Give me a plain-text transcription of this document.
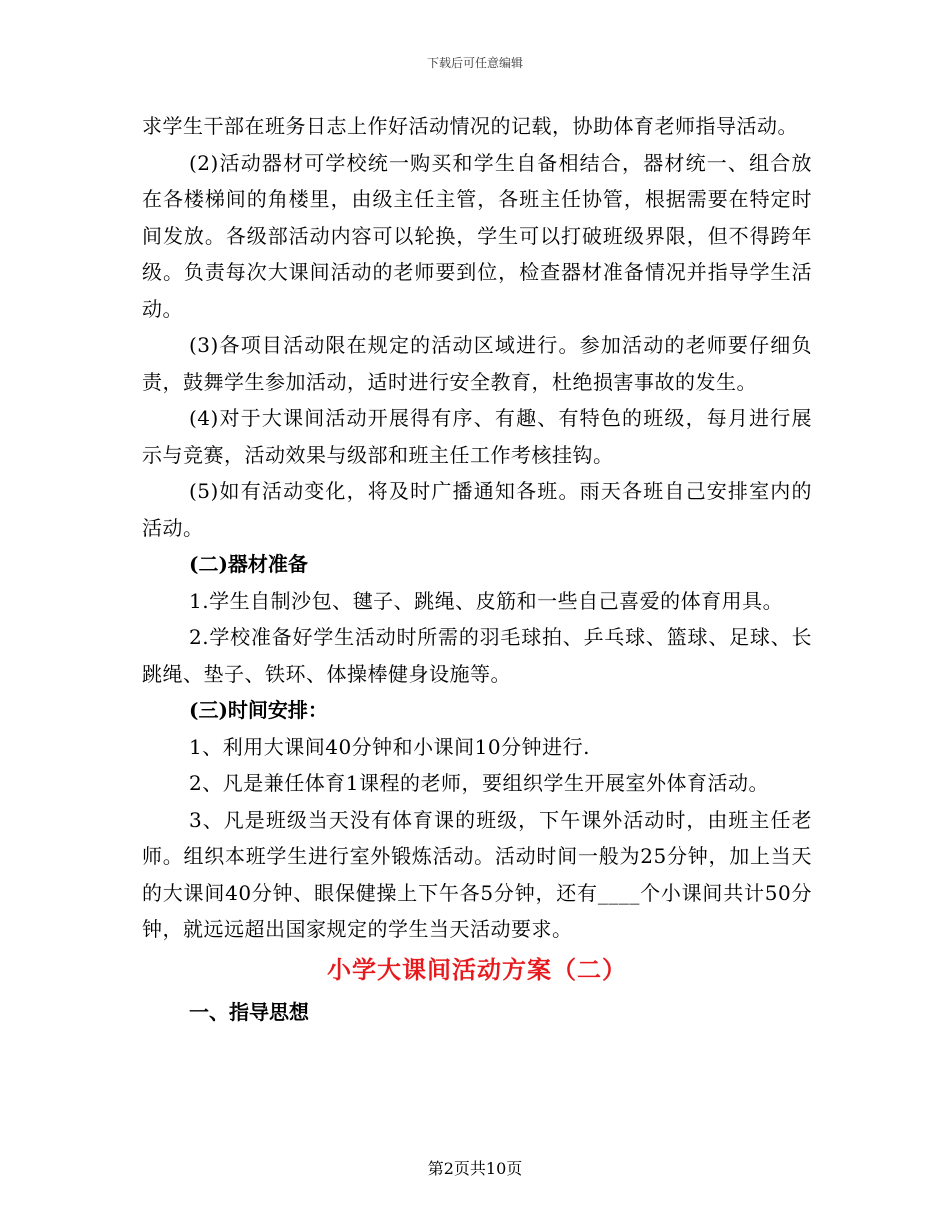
下载后可任意编辑

求学生干部在班务日志上作好活动情况的记载，协助体育老师指导活动。

(2)活动器材可学校统一购买和学生自备相结合，器材统一、组合放在各楼梯间的角楼里，由级主任主管，各班主任协管，根据需要在特定时间发放。各级部活动内容可以轮换，学生可以打破班级界限，但不得跨年级。负责每次大课间活动的老师要到位，检查器材准备情况并指导学生活动。

(3)各项目活动限在规定的活动区域进行。参加活动的老师要仔细负责，鼓舞学生参加活动，适时进行安全教育，杜绝损害事故的发生。

(4)对于大课间活动开展得有序、有趣、有特色的班级，每月进行展示与竞赛，活动效果与级部和班主任工作考核挂钩。

(5)如有活动变化，将及时广播通知各班。雨天各班自己安排室内的活动。

(二)器材准备

1.学生自制沙包、毽子、跳绳、皮筋和一些自己喜爱的体育用具。

2.学校准备好学生活动时所需的羽毛球拍、乒乓球、篮球、足球、长跳绳、垫子、铁环、体操棒健身设施等。

(三)时间安排：

1、利用大课间40分钟和小课间10分钟进行.

2、凡是兼任体育1课程的老师，要组织学生开展室外体育活动。

3、凡是班级当天没有体育课的班级，下午课外活动时，由班主任老师。组织本班学生进行室外锻炼活动。活动时间一般为25分钟，加上当天的大课间40分钟、眼保健操上下午各5分钟，还有____个小课间共计50分钟，就远远超出国家规定的学生当天活动要求。

小学大课间活动方案（二）

一、指导思想

第2页共10页
